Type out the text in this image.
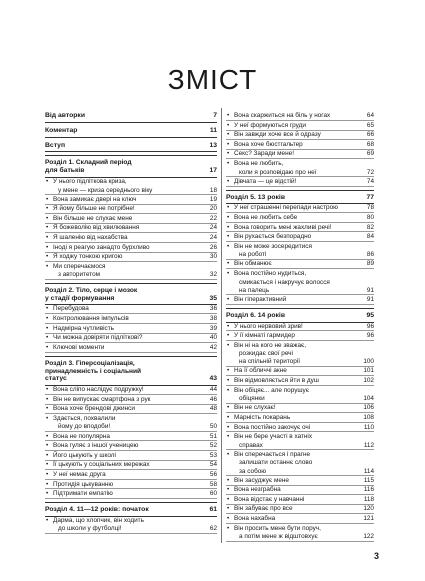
ЗМІСТ
Від авторки	7
Коментар	11
Вступ	13
Розділ 1. Складний період
для батьків	17
• У нього підліткова криза,
у мене — криза середнього віку	18
• Вона замикає двері на ключ	19
• Я йому більше не потрібне!	20
• Він більше не слухає мене	22
• Я божеволію від хвилювання	24
• Я шаленію від нахабства	24
• Іноді я реагую занадто бурхливо	26
• Я ходжу тонкою кригою	30
• Ми сперечаємося
з авторитетом	32
Розділ 2. Тіло, серце і мозок
у стадії формування	35
• Перебудова	36
• Контролювання імпульсів	38
• Надмірна чутливість	39
• Чи можна довіряти підліткові?	40
• Ключові моменти	42
Розділ 3. Гіперсоціалізація,
принадлежність і соціальний
статус	43
• Вона сліпо наслідує подружку!	44
• Він не випускає смартфона з рук	46
• Вона хоче брендові джинси	48
• Здається, похвалили
йому до вподоби!	50
• Вона не популярна	51
• Вона гуляє з іншої ученицею	52
• Його цькують у школі	53
• Її цькують у соціальних мережах	54
• У неї немає друга	56
• Протидія цькуванню	58
• Підтримати емпатію	60
Розділ 4. 11—12 років: початок	61
• Дарма, що хлопчик, він ходить
до школи у футболці!	62
• Вона скаржиться на біль у ногах	64
• У неї формуються груди	65
• Він завжди хоче все й одразу	66
• Вона хоче бюстгальтер	68
• Секс? Заради мене!	69
• Вона не любить,
коли я розповідаю про неї	72
• Дівчата — це відстій!	74
Розділ 5. 13 років	77
• У неї страшенні перепади настрою	78
• Вона не любить себе	80
• Вона говорить мені жахливі речі!	82
• Він рухається безпорадно	84
• Він не може зосередитися
на роботі	86
• Він обманює	89
• Вона постійно нудиться,
смикається і накручує волосся
на палець	91
• Він гіперактивний	91
Розділ 6. 14 років	95
• У нього нервовий зрив!	96
• У її кімнаті гармидер	96
• Він ні на кого не зважає,
розкидає свої речі
на спільній території	100
• На її обличчі акне	101
• Він відмовляється йти в душ	102
• Він обіцяє... але порушує
обіцянки	104
• Він не слухає!	106
• Марність покарань	108
• Вона постійно закочує очі	110
• Він не бере участі в хатніх
справах	112
• Він сперечається і прагне
залишати останнє слово
за собою	114
• Він засуджує мене	115
• Вона незграбна	116
• Вона відстає у навчанні	118
• Він забуває про все	120
• Вона нахабна	121
• Він просить мене бути поруч,
а потім мене ж відштовхує	122
3
